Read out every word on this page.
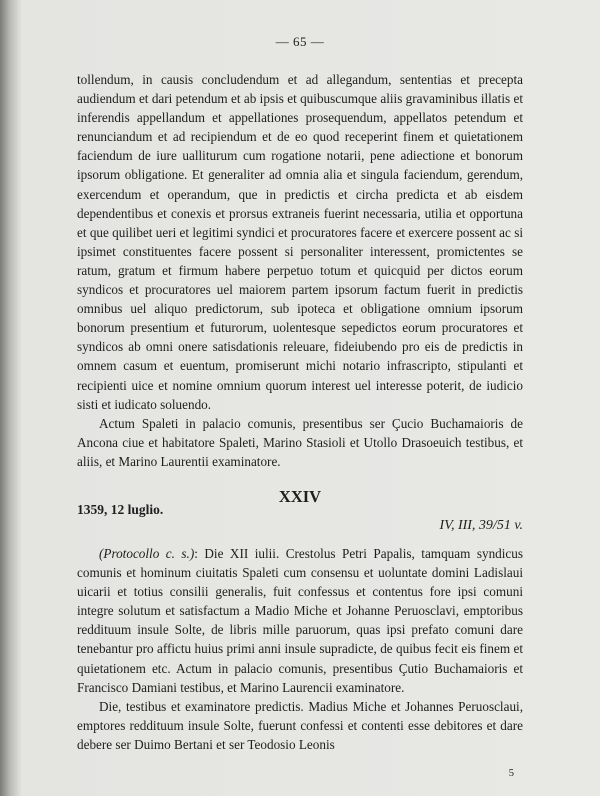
— 65 —

tollendum, in causis concludendum et ad allegandum, sententias et precepta audiendum et dari petendum et ab ipsis et quibuscumque aliis gravaminibus illatis et inferendis appellandum et appellationes prosequendum, appellatos petendum et renunciandum et ad recipiendum et de eo quod receperint finem et quietationem faciendum de iure ualliturum cum rogatione notarii, pene adiectione et bonorum ipsorum obligatione. Et generaliter ad omnia alia et singula faciendum, gerendum, exercendum et operandum, que in predictis et circha predicta et ab eisdem dependentibus et conexis et prorsus extraneis fuerint necessaria, utilia et opportuna et que quilibet ueri et legitimi syndici et procuratores facere et exercere possent ac si ipsimet constituentes facere possent si personaliter interessent, promictentes se ratum, gratum et firmum habere perpetuo totum et quicquid per dictos eorum syndicos et procuratores uel maiorem partem ipsorum factum fuerit in predictis omnibus uel aliquo predictorum, sub ipoteca et obligatione omnium ipsorum bonorum presentium et futurorum, uolentesque sepedictos eorum procuratores et syndicos ab omni onere satisdationis releuare, fideiubendo pro eis de predictis in omnem casum et euentum, promiserunt michi notario infrascripto, stipulanti et recipienti uice et nomine omnium quorum interest uel interesse poterit, de iudicio sisti et iudicato soluendo.

Actum Spaleti in palacio comunis, presentibus ser Çucio Buchamaioris de Ancona ciue et habitatore Spaleti, Marino Stasioli et Utollo Drasoeuich testibus, et aliis, et Marino Laurentii examinatore.

XXIV
1359, 12 luglio.
IV, III, 39/51 v.

(Protocollo c. s.): Die XII iulii. Crestolus Petri Papalis, tamquam syndicus comunis et hominum ciuitatis Spaleti cum consensu et uoluntate domini Ladislaui uicarii et totius consilii generalis, fuit confessus et contentus fore ipsi comuni integre solutum et satisfactum a Madio Miche et Johanne Peruosclavi, emptoribus reddituum insule Solte, de libris mille paruorum, quas ipsi prefato comuni dare tenebantur pro affictu huius primi anni insule supradicte, de quibus fecit eis finem et quietationem etc. Actum in palacio comunis, presentibus Çutio Buchamaioris et Francisco Damiani testibus, et Marino Laurencii examinatore.

Die, testibus et examinatore predictis. Madius Miche et Johannes Peruosclaui, emptores reddituum insule Solte, fuerunt confessi et contenti esse debitores et dare debere ser Duimo Bertani et ser Teodosio Leonis

5
